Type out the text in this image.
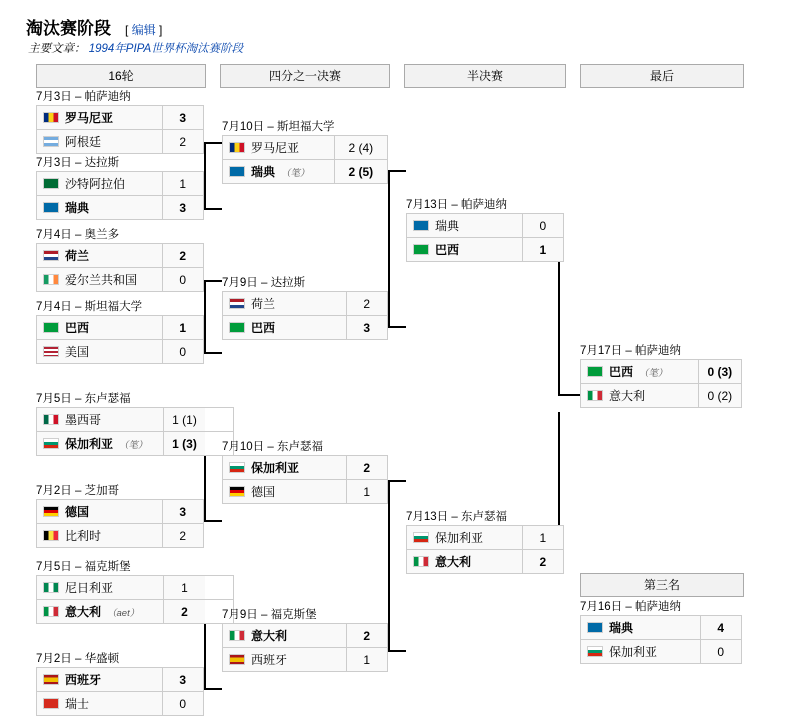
淘汰赛阶段 [ 编辑 ]
主要文章： 1994年PIPA世界杯淘汰赛阶段
16轮	四分之一决赛	半决赛	最后
第三名
7月3日 – 帕萨迪纳
罗马尼亚	3
阿根廷	2
7月3日 – 达拉斯
沙特阿拉伯	1
瑞典	3
7月4日 – 奥兰多
荷兰	2
爱尔兰共和国	0
7月4日 – 斯坦福大学
巴西	1
美国	0
7月5日 – 东卢瑟福
墨西哥	1 (1)
保加利亚 （笔）	1 (3)
7月2日 – 芝加哥
德国	3
比利时	2
7月5日 – 福克斯堡
尼日利亚	1
意大利 （aet）	2
7月2日 – 华盛顿
西班牙	3
瑞士	0
7月10日 – 斯坦福大学
罗马尼亚	2 (4)
瑞典 （笔）	2 (5)
7月9日 – 达拉斯
荷兰	2
巴西	3
7月10日 – 东卢瑟福
保加利亚	2
德国	1
7月9日 – 福克斯堡
意大利	2
西班牙	1
7月13日 – 帕萨迪纳
瑞典	0
巴西	1
7月13日 – 东卢瑟福
保加利亚	1
意大利	2
7月17日 – 帕萨迪纳
巴西 （笔）	0 (3)
意大利	0 (2)
7月16日 – 帕萨迪纳
瑞典	4
保加利亚	0
